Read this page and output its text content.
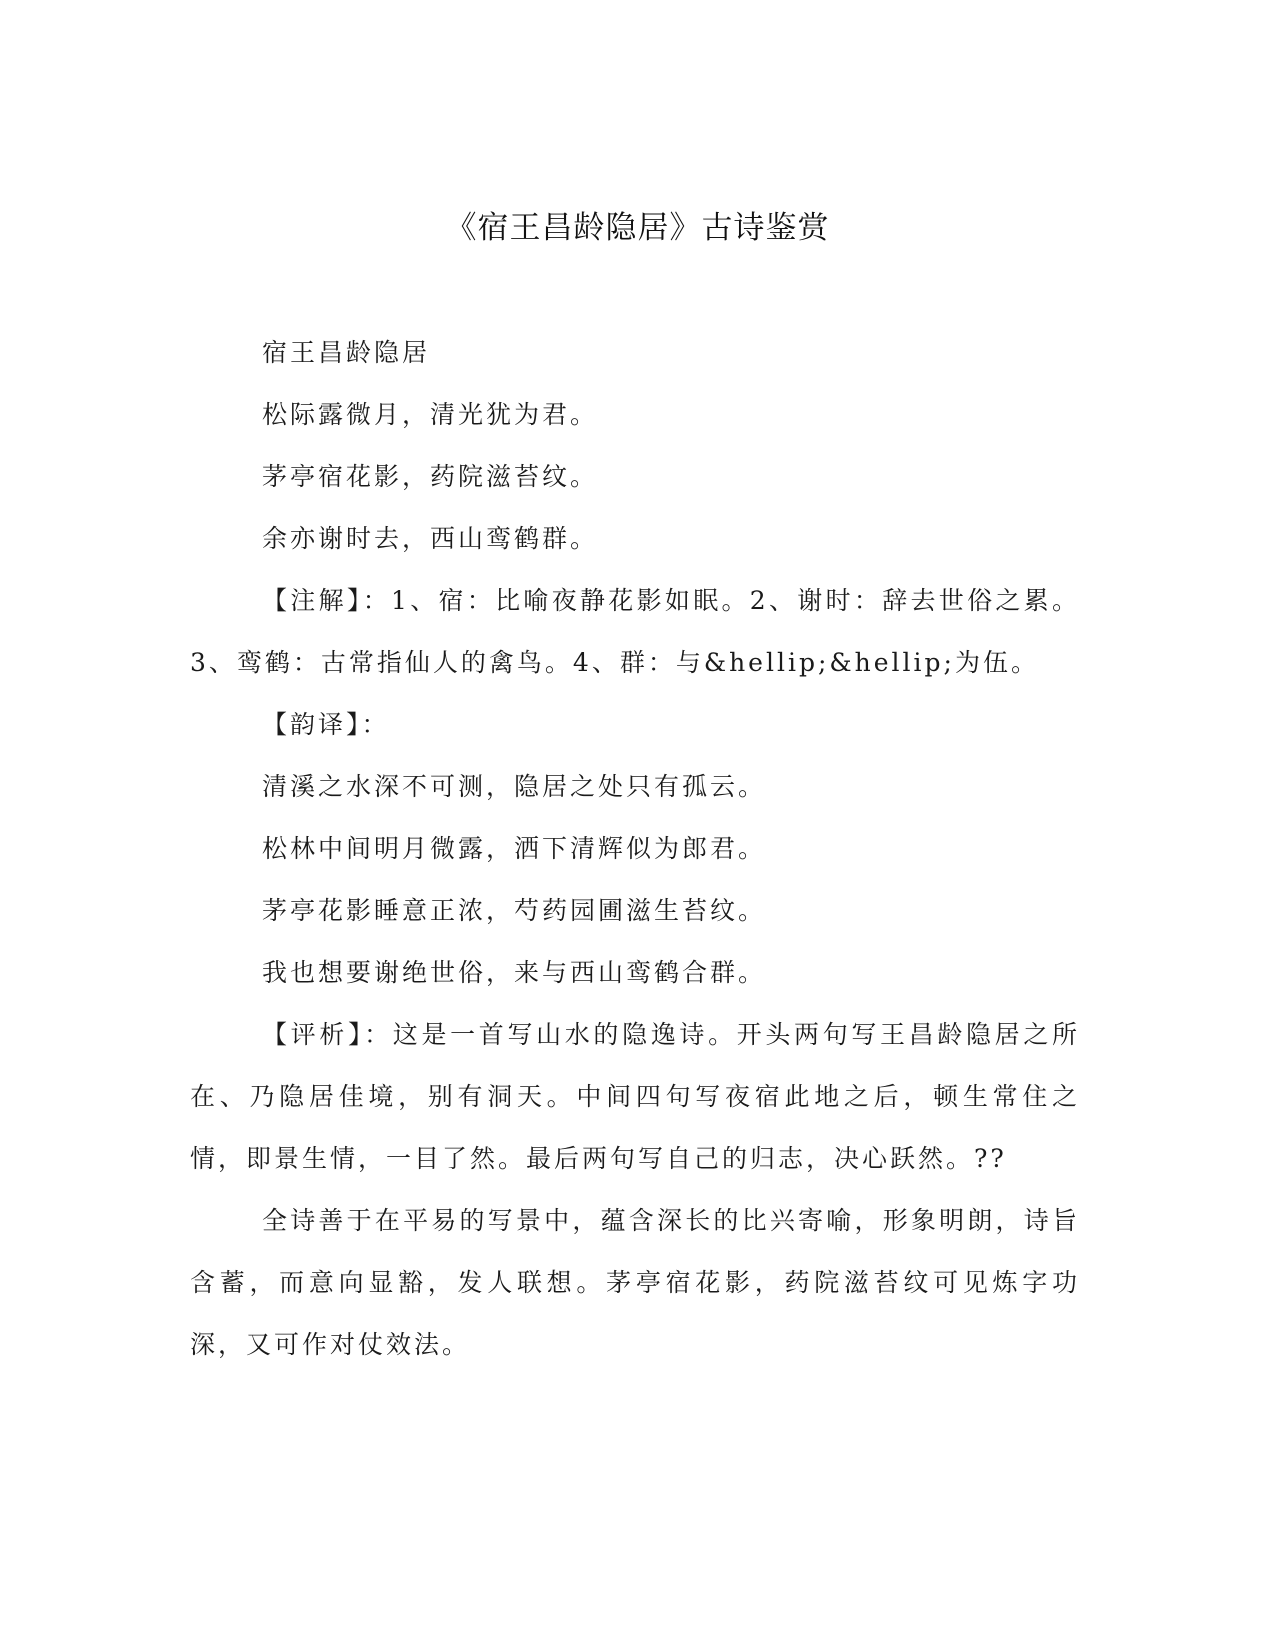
《宿王昌龄隐居》古诗鉴赏
宿王昌龄隐居
松际露微月，清光犹为君。
茅亭宿花影，药院滋苔纹。
余亦谢时去，西山鸾鹤群。

【注解】：1、宿：比喻夜静花影如眠。2、谢时：辞去世俗之累。3、鸾鹤：古常指仙人的禽鸟。4、群：与&hellip;&hellip;为伍。

【韵译】：
清溪之水深不可测，隐居之处只有孤云。
松林中间明月微露，洒下清辉似为郎君。
茅亭花影睡意正浓，芍药园圃滋生苔纹。
我也想要谢绝世俗，来与西山鸾鹤合群。

【评析】：这是一首写山水的隐逸诗。开头两句写王昌龄隐居之所在、乃隐居佳境，别有洞天。中间四句写夜宿此地之后，顿生常住之情，即景生情，一目了然。最后两句写自己的归志，决心跃然。??

全诗善于在平易的写景中，蕴含深长的比兴寄喻，形象明朗，诗旨含蓄，而意向显豁，发人联想。茅亭宿花影，药院滋苔纹可见炼字功深，又可作对仗效法。
